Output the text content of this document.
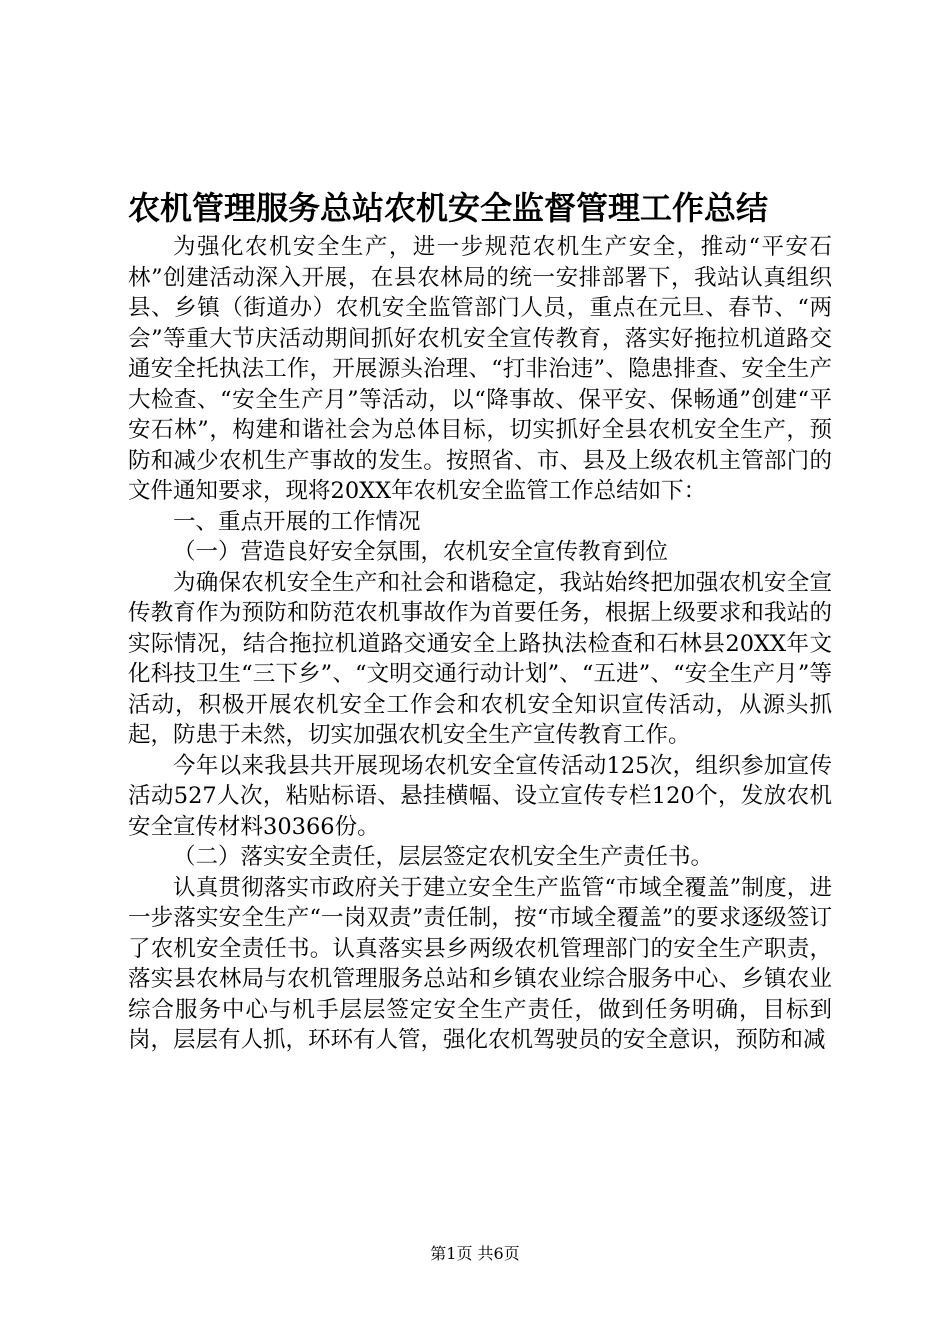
农机管理服务总站农机安全监督管理工作总结

为强化农机安全生产，进一步规范农机生产安全，推动“平安石林”创建活动深入开展，在县农林局的统一安排部署下，我站认真组织县、乡镇（街道办）农机安全监管部门人员，重点在元旦、春节、“两会”等重大节庆活动期间抓好农机安全宣传教育，落实好拖拉机道路交通安全托执法工作，开展源头治理、“打非治违”、隐患排查、安全生产大检查、“安全生产月”等活动，以“降事故、保平安、保畅通”创建“平安石林”，构建和谐社会为总体目标，切实抓好全县农机安全生产，预防和减少农机生产事故的发生。按照省、市、县及上级农机主管部门的文件通知要求，现将20XX年农机安全监管工作总结如下：

一、重点开展的工作情况

（一）营造良好安全氛围，农机安全宣传教育到位

为确保农机安全生产和社会和谐稳定，我站始终把加强农机安全宣传教育作为预防和防范农机事故作为首要任务，根据上级要求和我站的实际情况，结合拖拉机道路交通安全上路执法检查和石林县20XX年文化科技卫生“三下乡”、“文明交通行动计划”、“五进”、“安全生产月”等活动，积极开展农机安全工作会和农机安全知识宣传活动，从源头抓起，防患于未然，切实加强农机安全生产宣传教育工作。

今年以来我县共开展现场农机安全宣传活动125次，组织参加宣传活动527人次，粘贴标语、悬挂横幅、设立宣传专栏120个，发放农机安全宣传材料30366份。

（二）落实安全责任，层层签定农机安全生产责任书。

认真贯彻落实市政府关于建立安全生产监管“市域全覆盖”制度，进一步落实安全生产“一岗双责”责任制，按“市域全覆盖”的要求逐级签订了农机安全责任书。认真落实县乡两级农机管理部门的安全生产职责，落实县农林局与农机管理服务总站和乡镇农业综合服务中心、乡镇农业综合服务中心与机手层层签定安全生产责任，做到任务明确，目标到岗，层层有人抓，环环有人管，强化农机驾驶员的安全意识，预防和减

第1页 共6页
